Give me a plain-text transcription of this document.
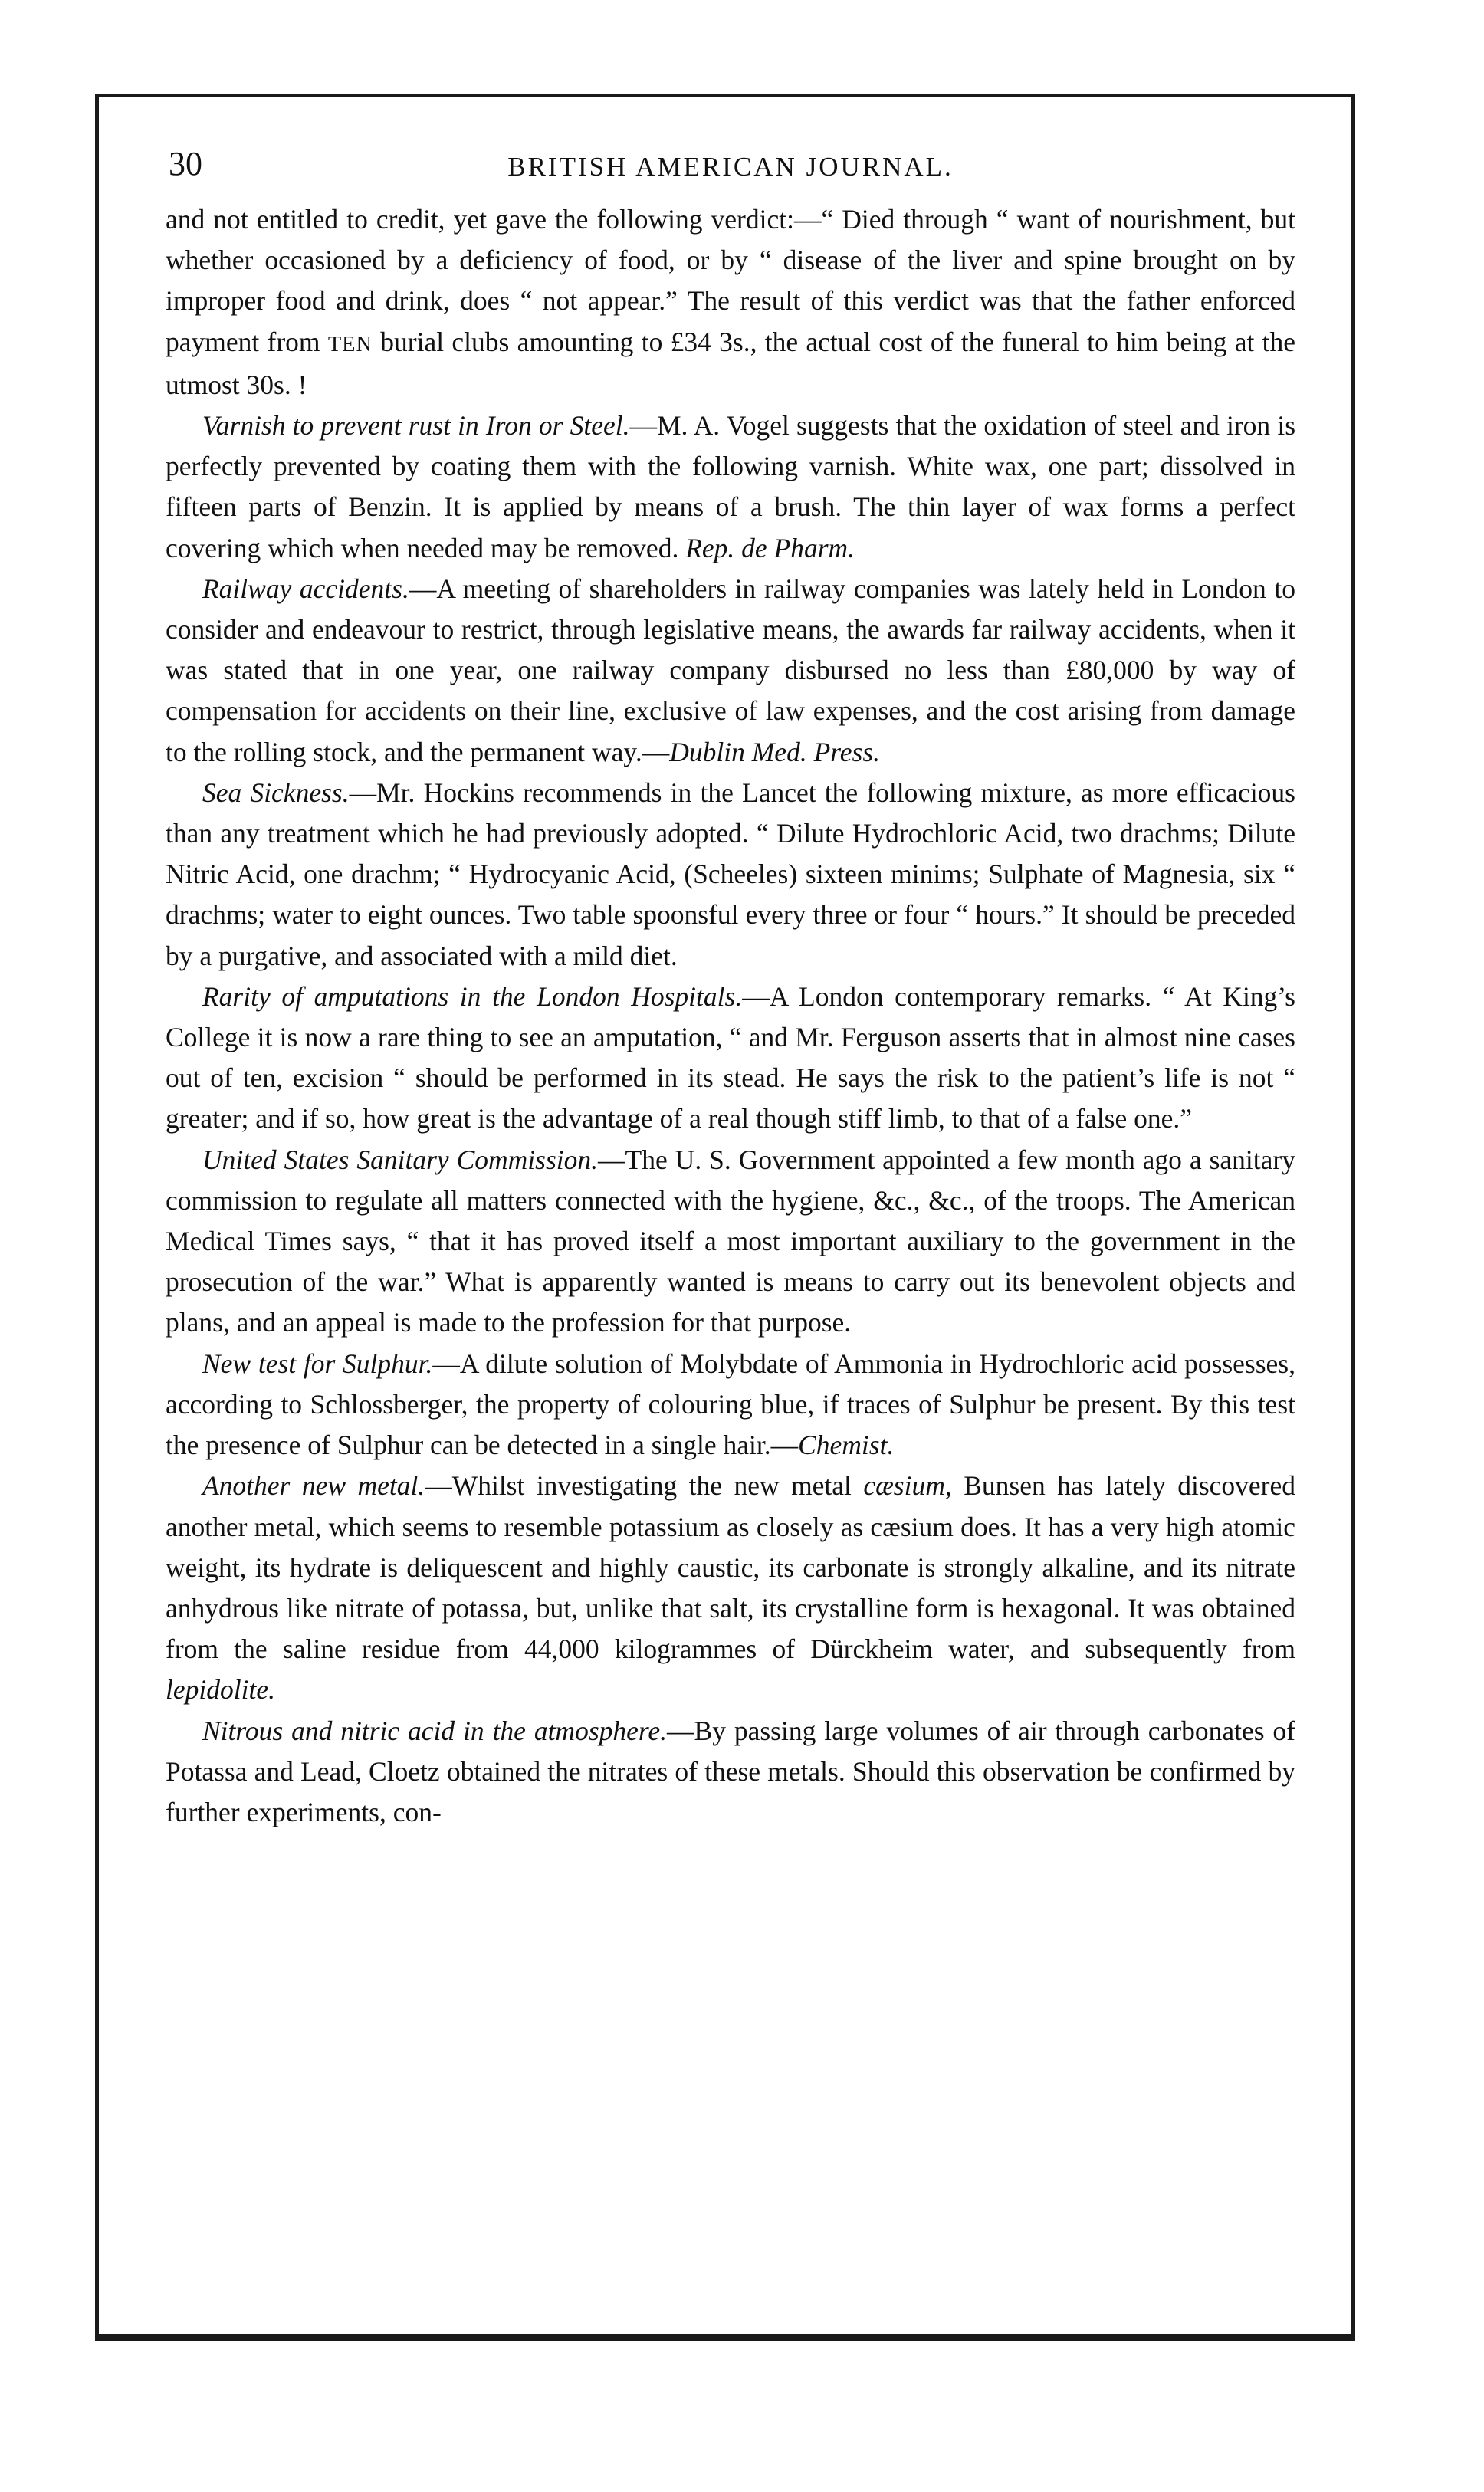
30	BRITISH AMERICAN JOURNAL.

and not entitled to credit, yet gave the following verdict:—“ Died through “ want of nourishment, but whether occasioned by a deficiency of food, or by “ disease of the liver and spine brought on by improper food and drink, does “ not appear.” The result of this verdict was that the father enforced payment from TEN burial clubs amounting to £34 3s., the actual cost of the funeral to him being at the utmost 30s. !

Varnish to prevent rust in Iron or Steel.—M. A. Vogel suggests that the oxidation of steel and iron is perfectly prevented by coating them with the following varnish. White wax, one part; dissolved in fifteen parts of Benzin. It is applied by means of a brush. The thin layer of wax forms a perfect covering which when needed may be removed. Rep. de Pharm.

Railway accidents.—A meeting of shareholders in railway companies was lately held in London to consider and endeavour to restrict, through legislative means, the awards far railway accidents, when it was stated that in one year, one railway company disbursed no less than £80,000 by way of compensation for accidents on their line, exclusive of law expenses, and the cost arising from damage to the rolling stock, and the permanent way.—Dublin Med. Press.

Sea Sickness.—Mr. Hockins recommends in the Lancet the following mixture, as more efficacious than any treatment which he had previously adopted. “ Dilute Hydrochloric Acid, two drachms; Dilute Nitric Acid, one drachm; “ Hydrocyanic Acid, (Scheeles) sixteen minims; Sulphate of Magnesia, six “ drachms; water to eight ounces. Two table spoonsful every three or four “ hours.” It should be preceded by a purgative, and associated with a mild diet.

Rarity of amputations in the London Hospitals.—A London contemporary remarks. “ At King’s College it is now a rare thing to see an amputation, “ and Mr. Ferguson asserts that in almost nine cases out of ten, excision “ should be performed in its stead. He says the risk to the patient’s life is not “ greater; and if so, how great is the advantage of a real though stiff limb, to that of a false one.”

United States Sanitary Commission.—The U. S. Government appointed a few month ago a sanitary commission to regulate all matters connected with the hygiene, &c., &c., of the troops. The American Medical Times says, “ that it has proved itself a most important auxiliary to the government in the prosecution of the war.” What is apparently wanted is means to carry out its benevolent objects and plans, and an appeal is made to the profession for that purpose.

New test for Sulphur.—A dilute solution of Molybdate of Ammonia in Hydrochloric acid possesses, according to Schlossberger, the property of colouring blue, if traces of Sulphur be present. By this test the presence of Sulphur can be detected in a single hair.—Chemist.

Another new metal.—Whilst investigating the new metal cæsium, Bunsen has lately discovered another metal, which seems to resemble potassium as closely as cæsium does. It has a very high atomic weight, its hydrate is deliquescent and highly caustic, its carbonate is strongly alkaline, and its nitrate anhydrous like nitrate of potassa, but, unlike that salt, its crystalline form is hexagonal. It was obtained from the saline residue from 44,000 kilogrammes of Dürckheim water, and subsequently from lepidolite.

Nitrous and nitric acid in the atmosphere.—By passing large volumes of air through carbonates of Potassa and Lead, Cloetz obtained the nitrates of these metals. Should this observation be confirmed by further experiments, con-
